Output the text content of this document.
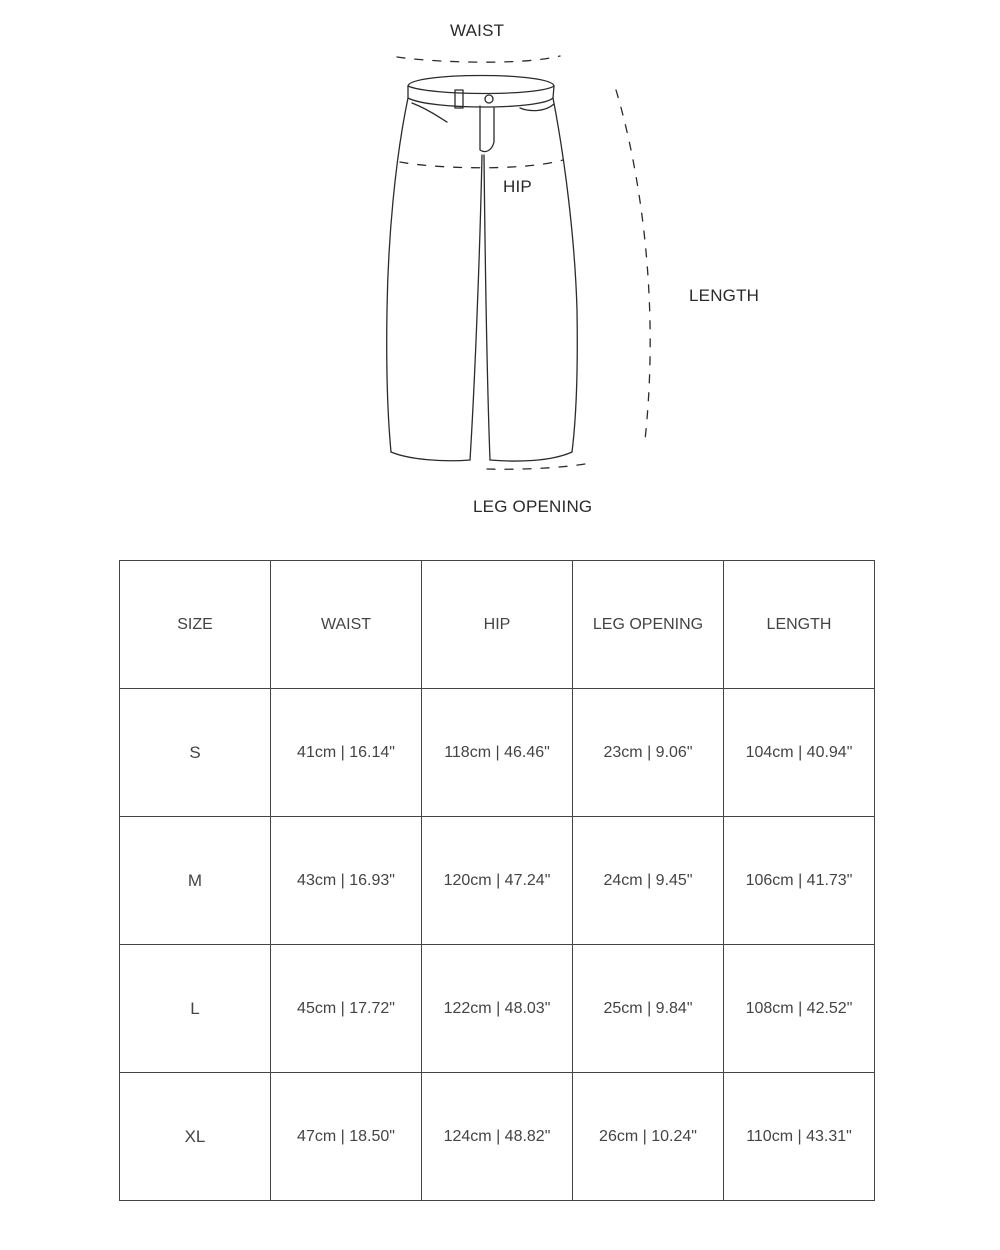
WAIST
HIP
LENGTH
LEG OPENING
SIZE	WAIST	HIP	LEG OPENING	LENGTH
S	41cm | 16.14"	118cm | 46.46"	23cm | 9.06"	104cm | 40.94"
M	43cm | 16.93"	120cm | 47.24"	24cm | 9.45"	106cm | 41.73"
L	45cm | 17.72"	122cm | 48.03"	25cm | 9.84"	108cm | 42.52"
XL	47cm | 18.50"	124cm | 48.82"	26cm | 10.24"	110cm | 43.31"
